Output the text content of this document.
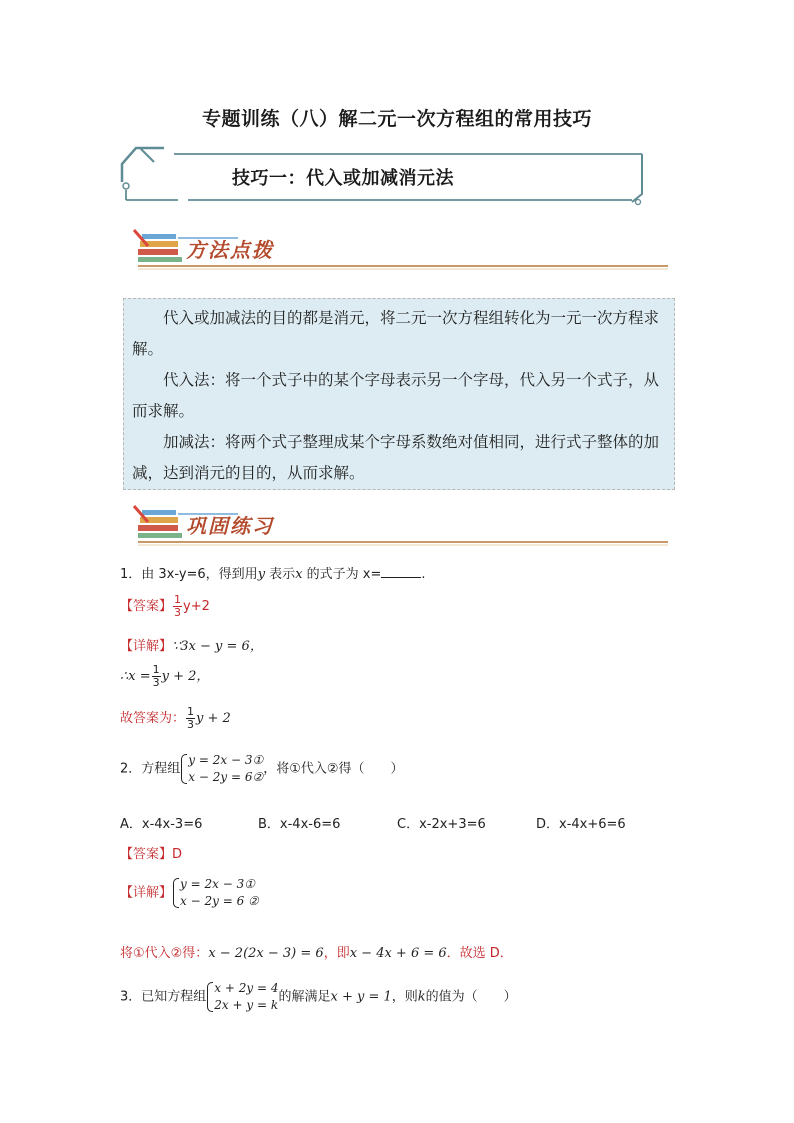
专题训练（八）解二元一次方程组的常用技巧
技巧一：代入或加减消元法
方法点拨

代入或加减法的目的都是消元，将二元一次方程组转化为一元一次方程求解。

代入法：将一个式子中的某个字母表示另一个字母，代入另一个式子，从而求解。

加减法：将两个式子整理成某个字母系数绝对值相同，进行式子整体的加减，达到消元的目的，从而求解。

巩固练习
1．由 3x-y=6，得到用y 表示x 的式子为 x=	.
【答案】 $\frac{1}{3} y+2$
【详解】∵3x − y = 6，
∴x = $\frac{1}{3}$ y + 2，
故答案为： $\frac{1}{3}$ y + 2
2．方程组
y = 2x − 3①
x − 2y = 6②
，将①代入②得（　　）
A．x-4x-3=6	B．x-4x-6=6	C．x-2x+3=6	D．x-4x+6=6
【答案】D
【详解】
y = 2x − 3①
x − 2y = 6 ②
将①代入②得：x − 2(2x − 3) = 6，即x − 4x + 6 = 6．故选 D．
3．已知方程组
x + 2y = 4
2x + y = k
的解满足x + y = 1，则k的值为（　　）
